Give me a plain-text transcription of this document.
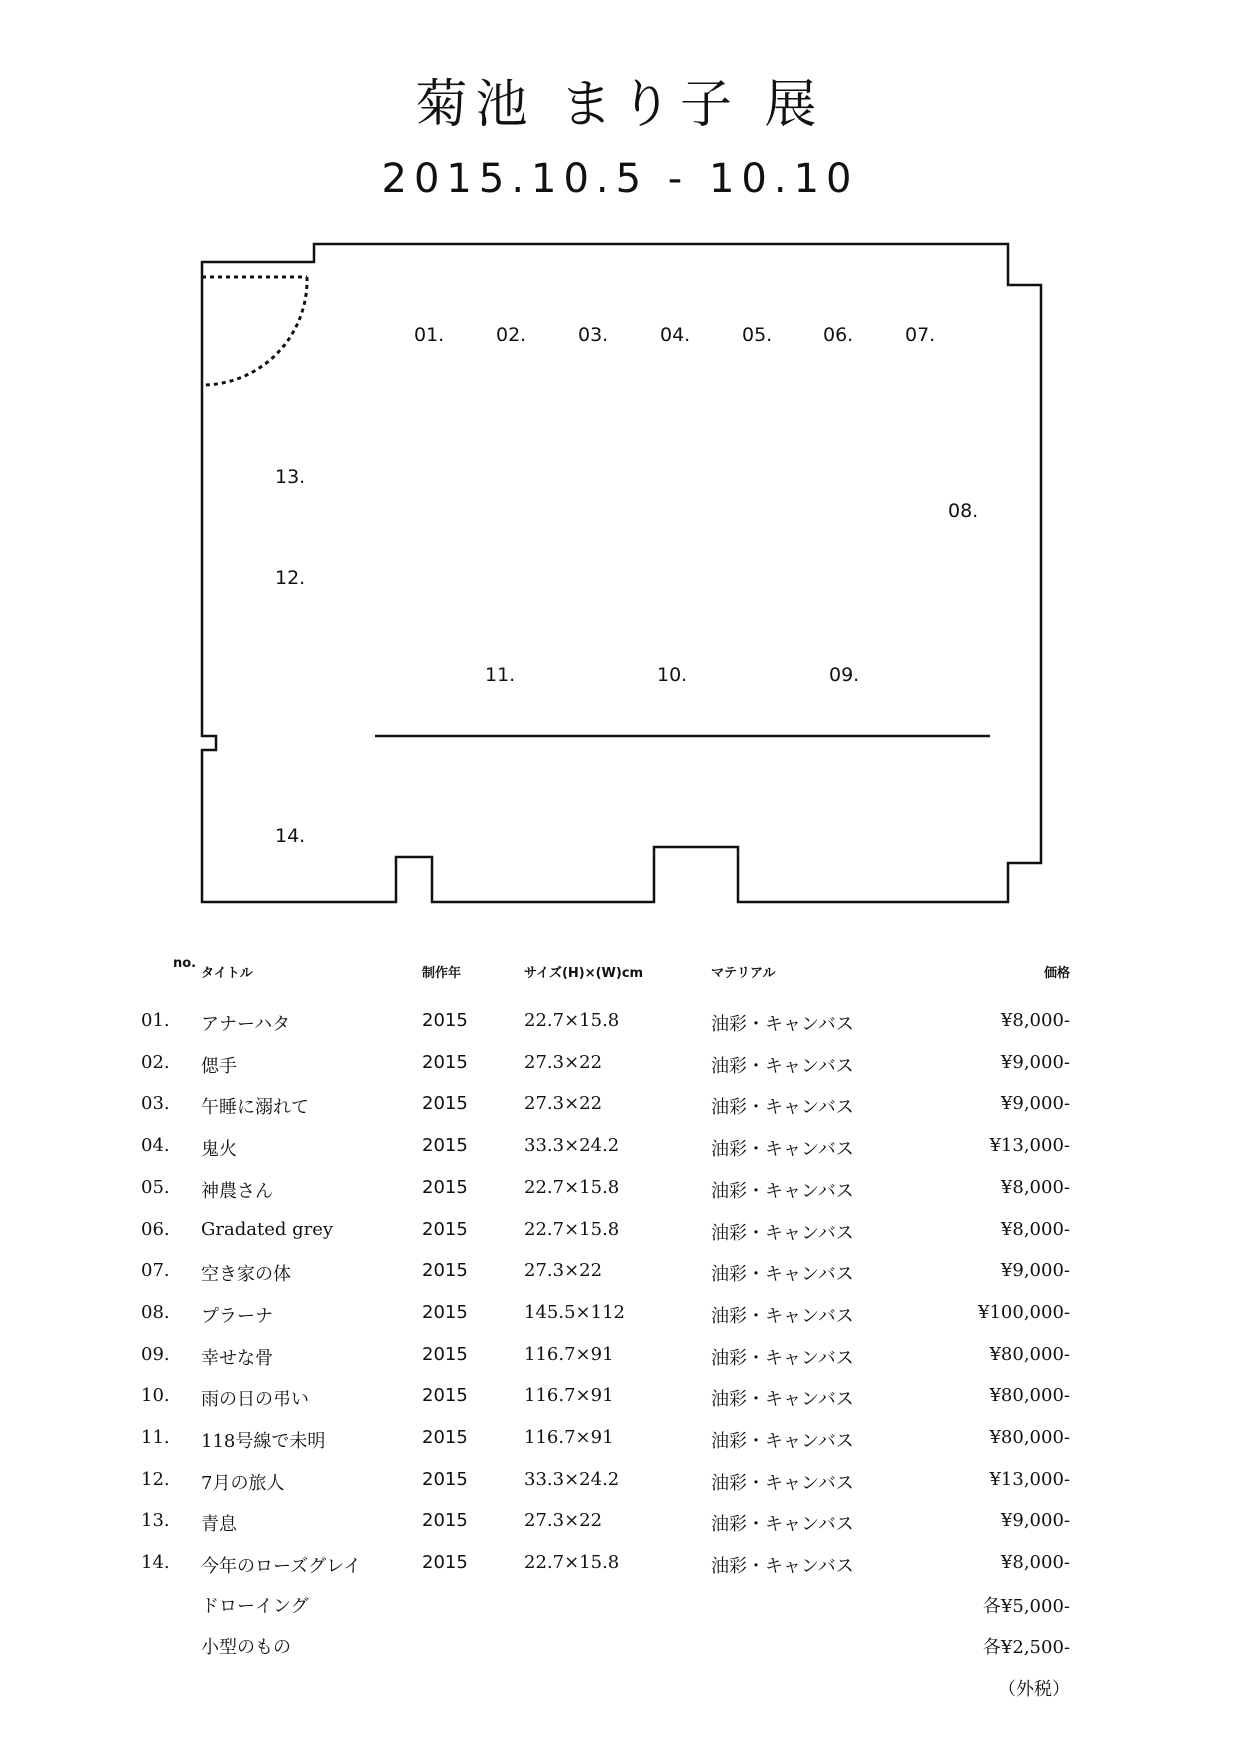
菊池 まり子 展
2015.10.5 - 10.10
01.	02.	03.	04.	05.	06.	07.
08.
09.
10.
11.
12.
13.
14.
no.
タイトル	制作年	サイズ(H)×(W)cm	マテリアル	価格
01. アナーハタ	2015	22.7×15.8	油彩・キャンバス	¥8,000-
02. 偲手	2015	27.3×22	油彩・キャンバス	¥9,000-
03. 午睡に溺れて	2015	27.3×22	油彩・キャンバス	¥9,000-
04. 鬼火	2015	33.3×24.2	油彩・キャンバス	¥13,000-
05. 神農さん	2015	22.7×15.8	油彩・キャンバス	¥8,000-
06. Gradated grey	2015	22.7×15.8	油彩・キャンバス	¥8,000-
07. 空き家の体	2015	27.3×22	油彩・キャンバス	¥9,000-
08. プラーナ	2015	145.5×112	油彩・キャンバス	¥100,000-
09. 幸せな骨	2015	116.7×91	油彩・キャンバス	¥80,000-
10. 雨の日の弔い	2015	116.7×91	油彩・キャンバス	¥80,000-
11. 118号線で未明	2015	116.7×91	油彩・キャンバス	¥80,000-
12. 7月の旅人	2015	33.3×24.2	油彩・キャンバス	¥13,000-
13. 青息	2015	27.3×22	油彩・キャンバス	¥9,000-
14. 今年のローズグレイ	2015	22.7×15.8	油彩・キャンバス	¥8,000-
ドローイング	各¥5,000-
小型のもの	各¥2,500-
（外税）
